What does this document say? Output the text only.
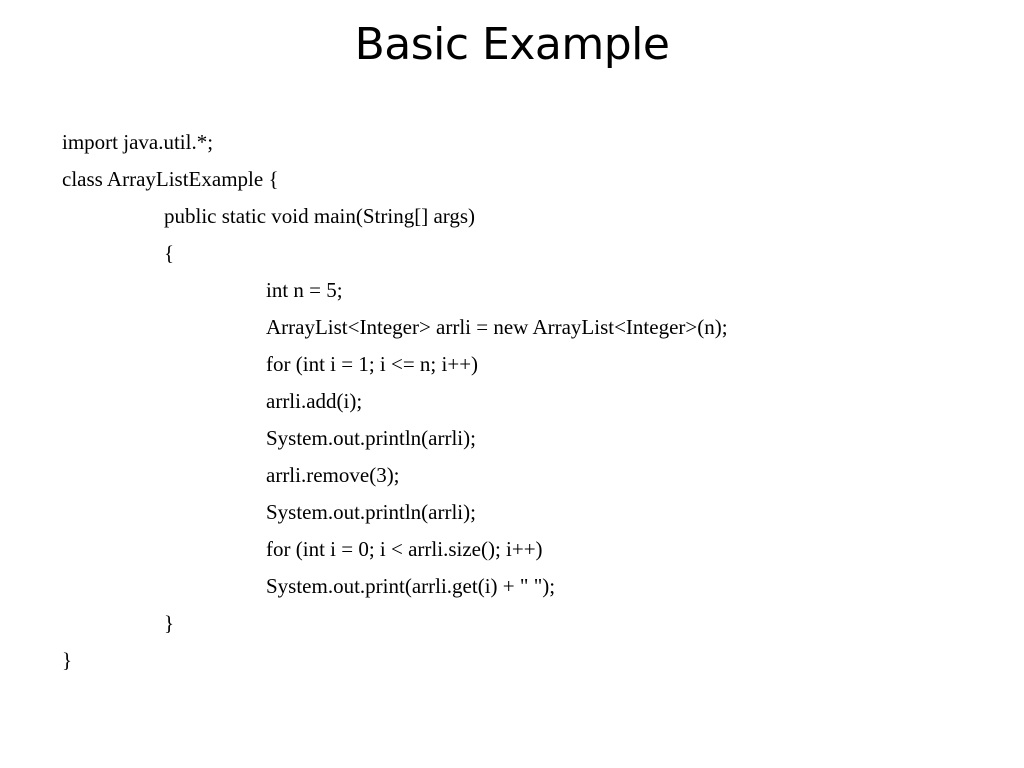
Basic Example
import java.util.*;
class ArrayListExample {
public static void main(String[] args)
{
int n = 5;
ArrayList<Integer> arrli = new ArrayList<Integer>(n);
for (int i = 1; i <= n; i++)
arrli.add(i);
System.out.println(arrli);
arrli.remove(3);
System.out.println(arrli);
for (int i = 0; i < arrli.size(); i++)
System.out.print(arrli.get(i) + " ");
}
}
